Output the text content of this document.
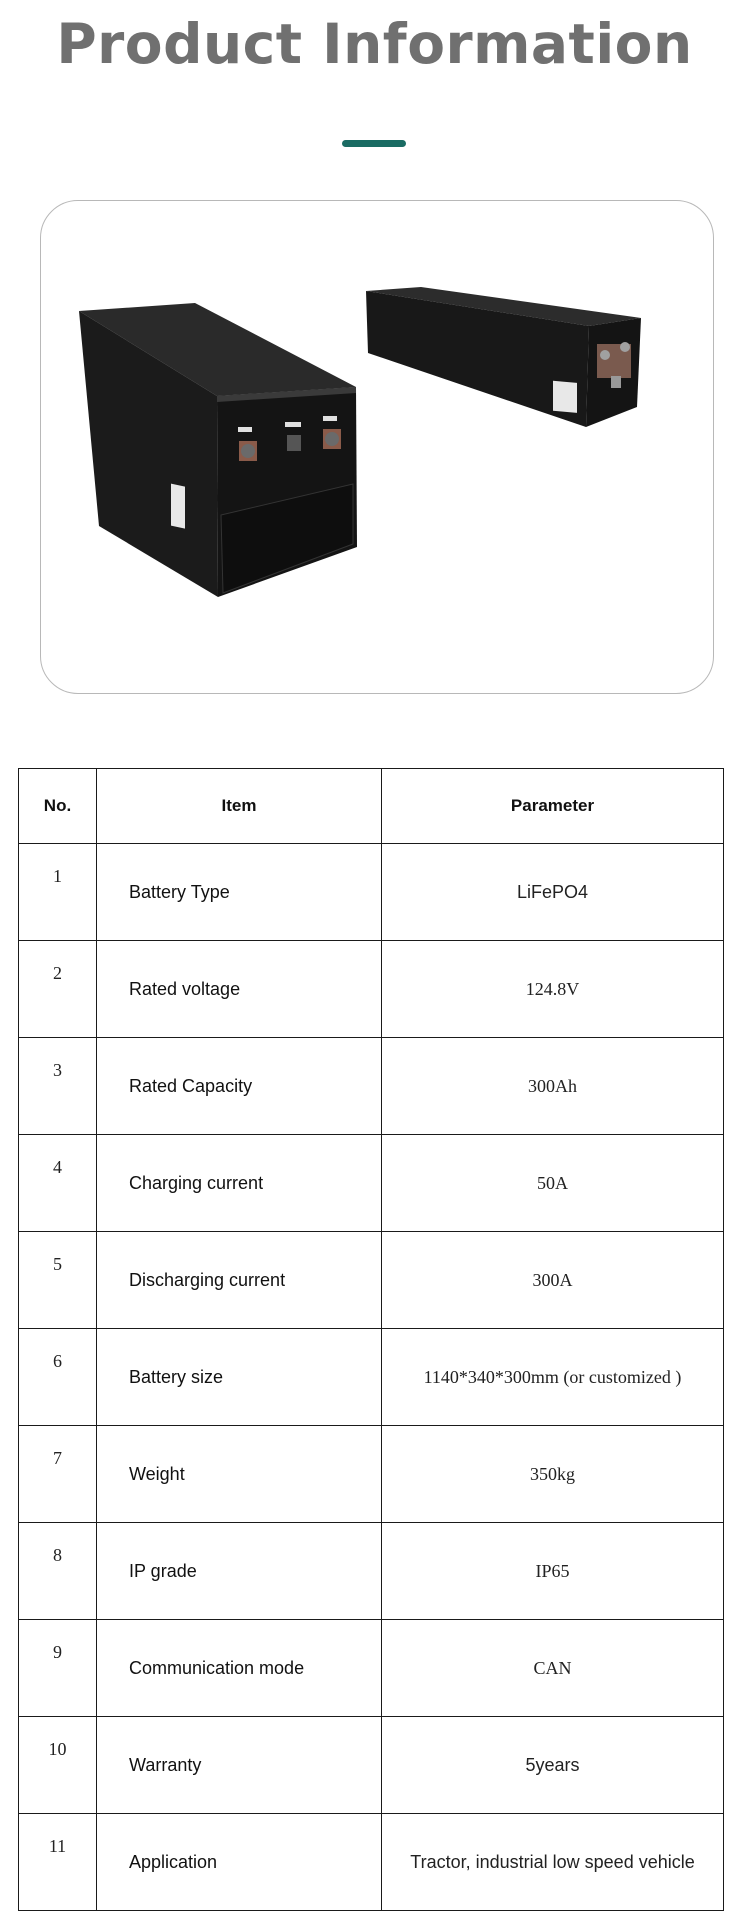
Product Information
No.	Item	Parameter
1	Battery Type	LiFePO4
2	Rated voltage	124.8V
3	Rated Capacity	300Ah
4	Charging current	50A
5	Discharging current	300A
6	Battery size	1140*340*300mm (or customized )
7	Weight	350kg
8	IP grade	IP65
9	Communication mode	CAN
10	Warranty	5years
11	Application	Tractor, industrial low speed vehicle
